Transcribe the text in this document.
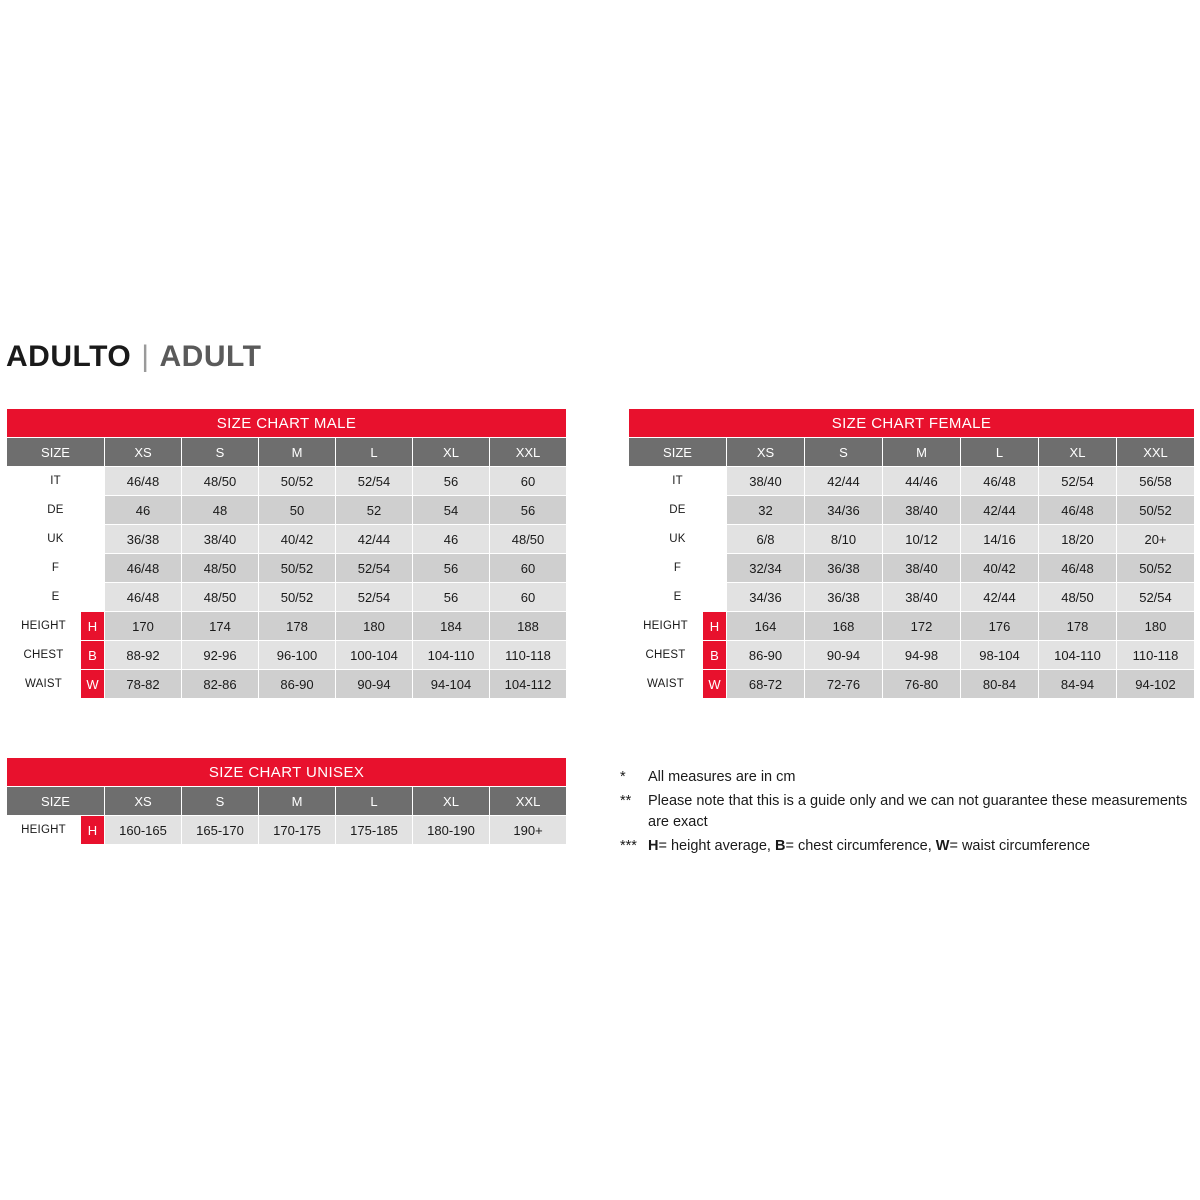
ADULTO | ADULT
SIZE CHART MALE							
SIZE		XS	S	M	L	XL	XXL
IT		46/48	48/50	50/52	52/54	56	60
DE		46	48	50	52	54	56
UK		36/38	38/40	40/42	42/44	46	48/50
F		46/48	48/50	50/52	52/54	56	60
E		46/48	48/50	50/52	52/54	56	60
HEIGHT	H	170	174	178	180	184	188
CHEST	B	88-92	92-96	96-100	100-104	104-110	110-118
WAIST	W	78-82	82-86	86-90	90-94	94-104	104-112
SIZE CHART FEMALE							
SIZE		XS	S	M	L	XL	XXL
IT		38/40	42/44	44/46	46/48	52/54	56/58
DE		32	34/36	38/40	42/44	46/48	50/52
UK		6/8	8/10	10/12	14/16	18/20	20+
F		32/34	36/38	38/40	40/42	46/48	50/52
E		34/36	36/38	38/40	42/44	48/50	52/54
HEIGHT	H	164	168	172	176	178	180
CHEST	B	86-90	90-94	94-98	98-104	104-110	110-118
WAIST	W	68-72	72-76	76-80	80-84	84-94	94-102
SIZE CHART UNISEX							
SIZE		XS	S	M	L	XL	XXL
HEIGHT	H	160-165	165-170	170-175	175-185	180-190	190+
*	All measures are in cm
**	Please note that this is a guide only and we can not guarantee these measurements are exact
*** H= height average, B= chest circumference, W= waist circumference
